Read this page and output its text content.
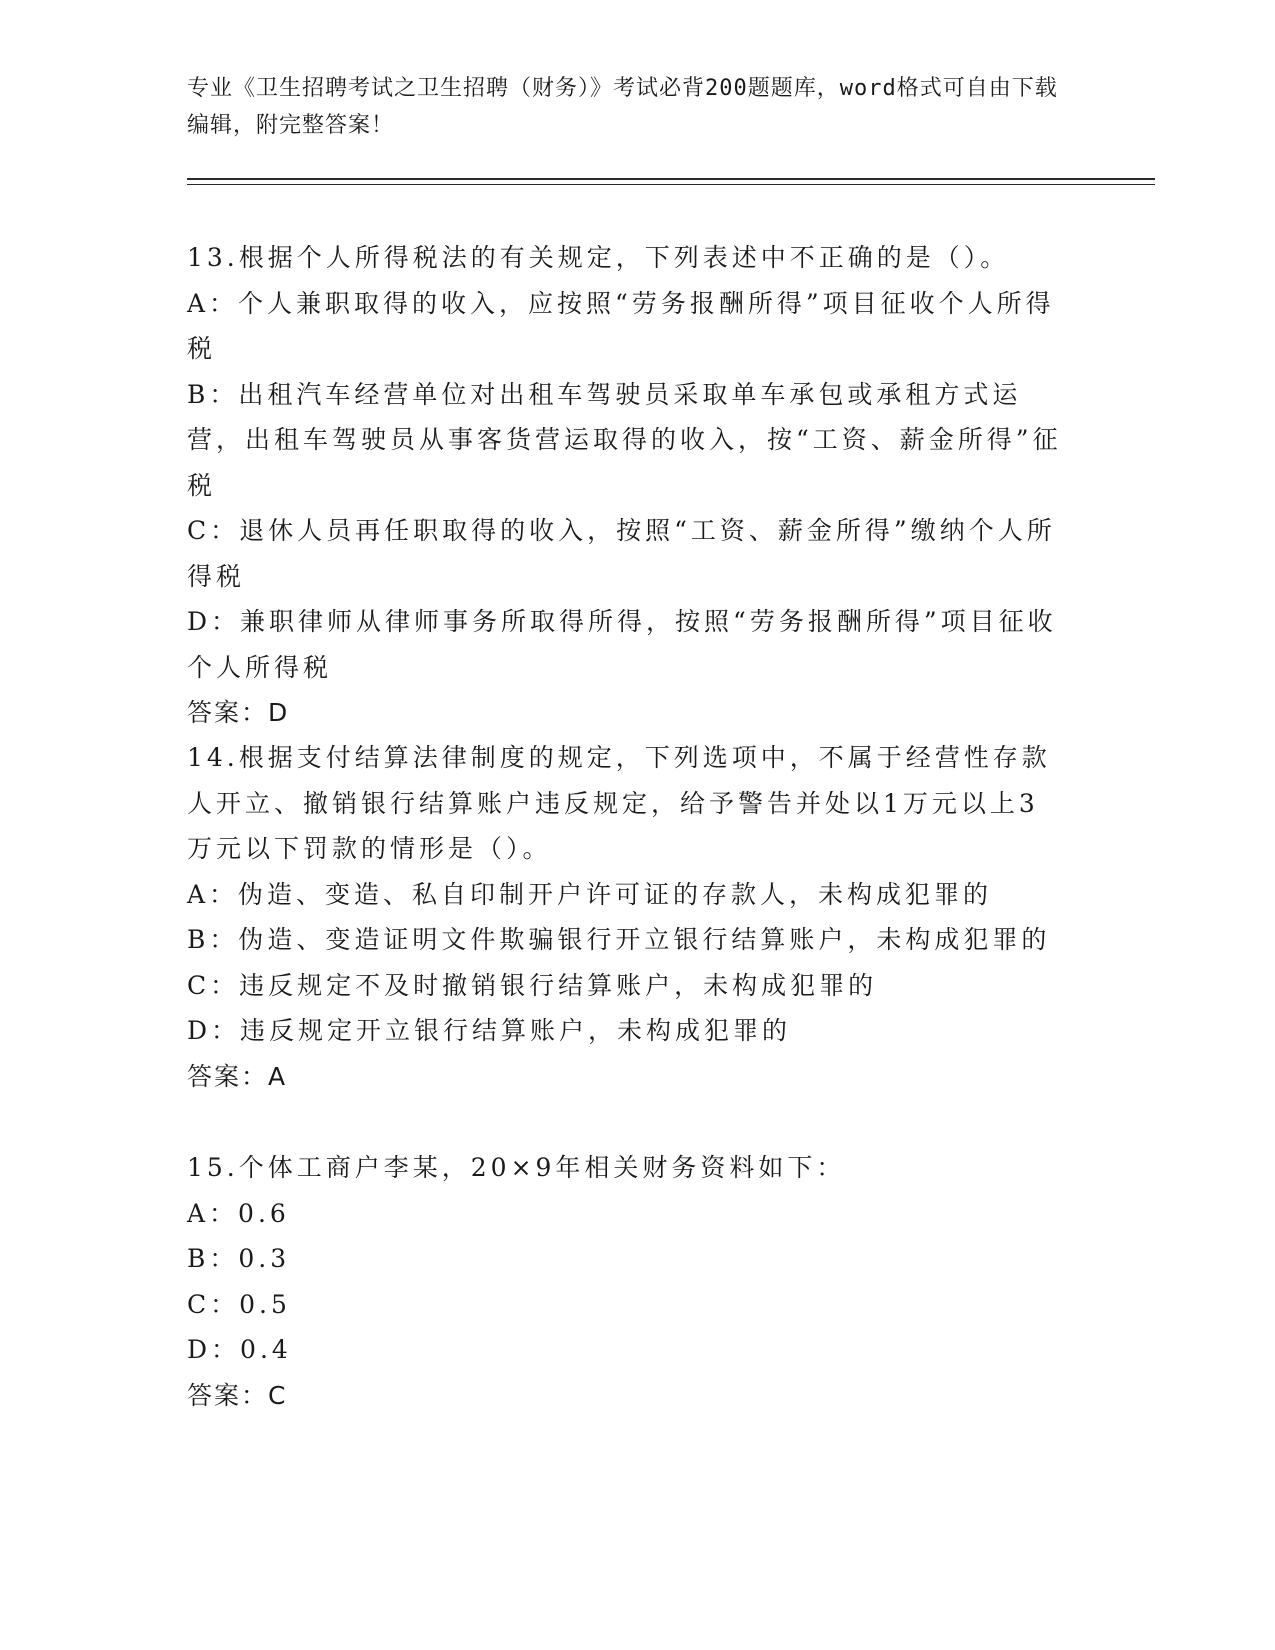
专业《卫生招聘考试之卫生招聘（财务）》考试必背200题题库，word格式可自由下载编辑，附完整答案！

13.根据个人所得税法的有关规定，下列表述中不正确的是（）。

A：个人兼职取得的收入，应按照“劳务报酬所得”项目征收个人所得税

B：出租汽车经营单位对出租车驾驶员采取单车承包或承租方式运营，出租车驾驶员从事客货营运取得的收入，按“工资、薪金所得”征税

C：退休人员再任职取得的收入，按照“工资、薪金所得”缴纳个人所得税

D：兼职律师从律师事务所取得所得，按照“劳务报酬所得”项目征收个人所得税

答案：D

14.根据支付结算法律制度的规定，下列选项中，不属于经营性存款人开立、撤销银行结算账户违反规定，给予警告并处以1万元以上3万元以下罚款的情形是（）。

A：伪造、变造、私自印制开户许可证的存款人，未构成犯罪的

B：伪造、变造证明文件欺骗银行开立银行结算账户，未构成犯罪的

C：违反规定不及时撤销银行结算账户，未构成犯罪的

D：违反规定开立银行结算账户，未构成犯罪的

答案：A

15.个体工商户李某，20×9年相关财务资料如下：

A：0.6

B：0.3

C：0.5

D：0.4

答案：C
